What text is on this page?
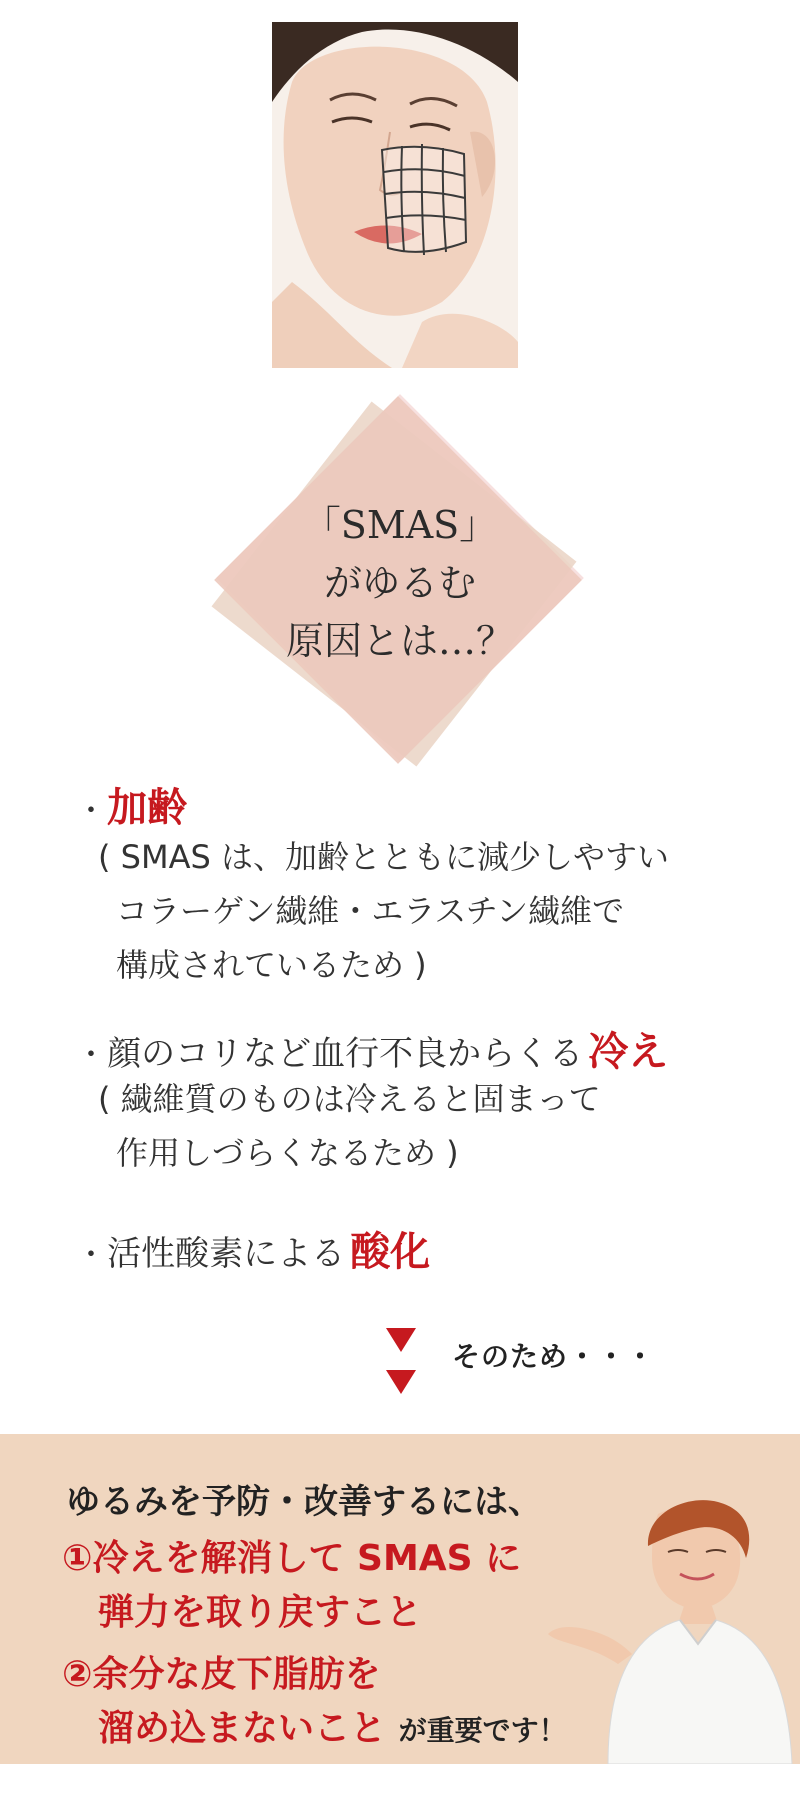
「SMAS」
がゆるむ
原因とは…？
・ 加齢
( SMAS は、加齢とともに減少しやすい
コラーゲン繊維・エラスチン繊維で
構成されているため )
・ 顔のコリなど血行不良からくる 冷え
( 繊維質のものは冷えると固まって
作用しづらくなるため )
・ 活性酸素による 酸化
そのため・・・
ゆるみを予防・改善するには、
①冷えを解消して SMAS に
弾力を取り戻すこと
②余分な皮下脂肪を
溜め込まないこと が重要です！
